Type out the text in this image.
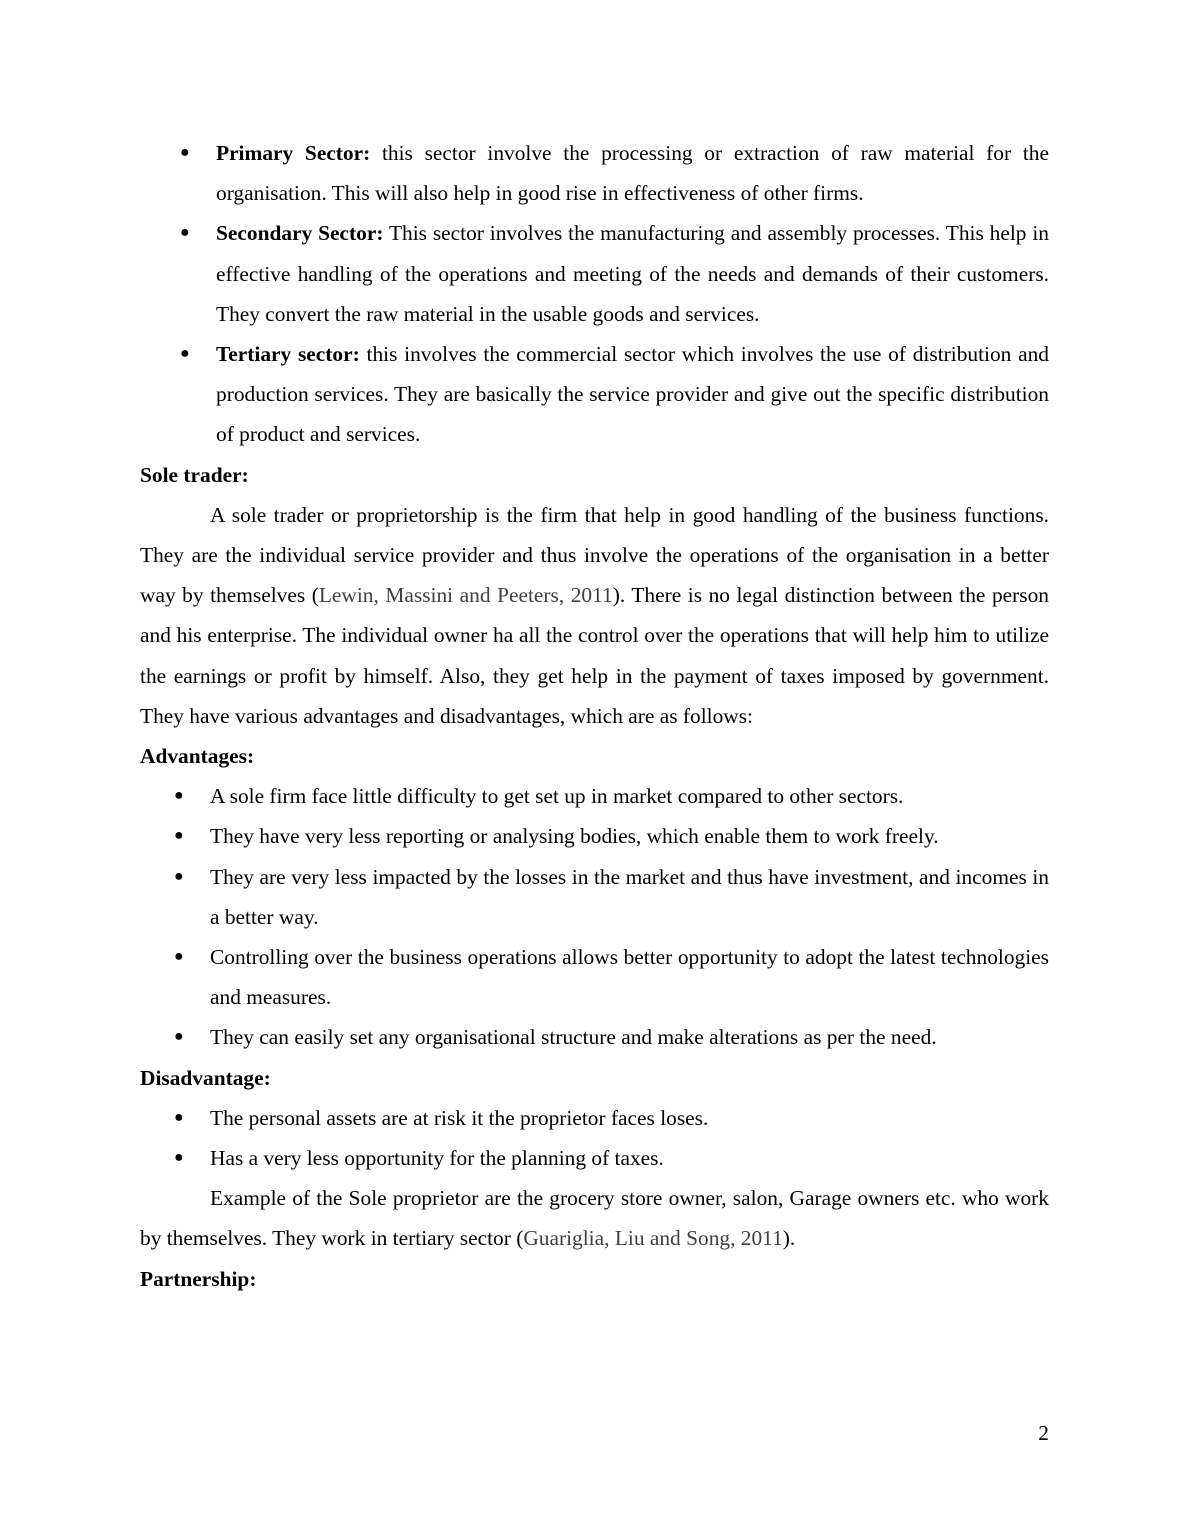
●
Primary Sector: this sector involve the processing or extraction of raw material for the organisation. This will also help in good rise in effectiveness of other firms.
●
Secondary Sector: This sector involves the manufacturing and assembly processes. This help in effective handling of the operations and meeting of the needs and demands of their customers. They convert the raw material in the usable goods and services.
●
Tertiary sector: this involves the commercial sector which involves the use of distribution and production services. They are basically the service provider and give out the specific distribution of product and services.
Sole trader:

A sole trader or proprietorship is the firm that help in good handling of the business functions. They are the individual service provider and thus involve the operations of the organisation in a better way by themselves (Lewin, Massini and Peeters, 2011). There is no legal distinction between the person and his enterprise. The individual owner ha all the control over the operations that will help him to utilize the earnings or profit by himself. Also, they get help in the payment of taxes imposed by government. They have various advantages and disadvantages, which are as follows:

Advantages:
●
A sole firm face little difficulty to get set up in market compared to other sectors.
●
They have very less reporting or analysing bodies, which enable them to work freely.
●
They are very less impacted by the losses in the market and thus have investment, and incomes in a better way.
●
Controlling over the business operations allows better opportunity to adopt the latest technologies and measures.
●
They can easily set any organisational structure and make alterations as per the need.
Disadvantage:
●
The personal assets are at risk it the proprietor faces loses.
●
Has a very less opportunity for the planning of taxes.

Example of the Sole proprietor are the grocery store owner, salon, Garage owners etc. who work by themselves. They work in tertiary sector (Guariglia, Liu and Song, 2011).

Partnership:
2
